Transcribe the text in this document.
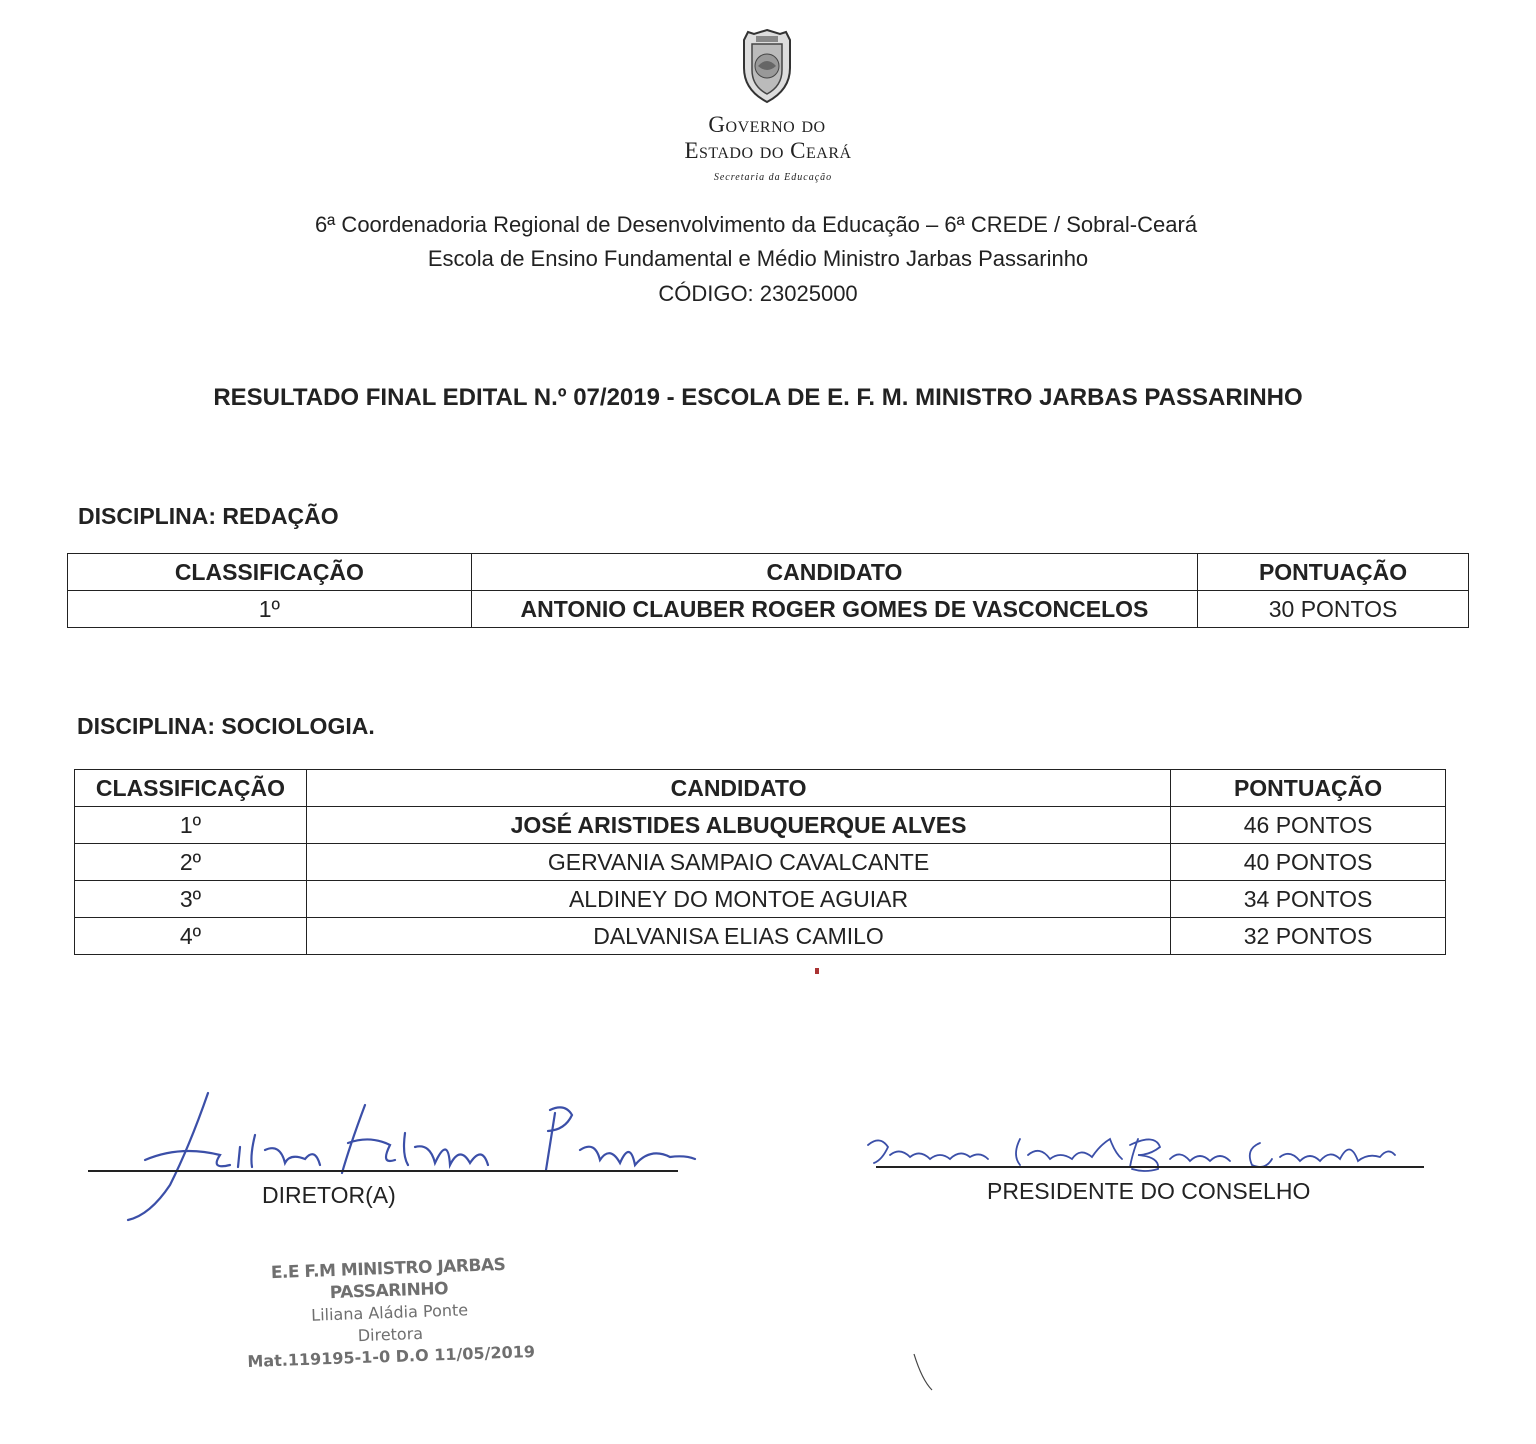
Governo do
Estado do Ceará
Secretaria da Educação
6ª Coordenadoria Regional de Desenvolvimento da Educação – 6ª CREDE / Sobral-Ceará
Escola de Ensino Fundamental e Médio Ministro Jarbas Passarinho
CÓDIGO: 23025000
RESULTADO FINAL EDITAL N.º 07/2019 - ESCOLA DE E. F. M. MINISTRO JARBAS PASSARINHO
DISCIPLINA: REDAÇÃO
CLASSIFICAÇÃO	CANDIDATO	PONTUAÇÃO
1º	ANTONIO CLAUBER ROGER GOMES DE VASCONCELOS	30 PONTOS
DISCIPLINA: SOCIOLOGIA.
CLASSIFICAÇÃO	CANDIDATO	PONTUAÇÃO
1º	JOSÉ ARISTIDES ALBUQUERQUE ALVES	46 PONTOS
2º	GERVANIA SAMPAIO CAVALCANTE	40 PONTOS
3º	ALDINEY DO MONTOE AGUIAR	34 PONTOS
4º	DALVANISA ELIAS CAMILO	32 PONTOS
DIRETOR(A)	PRESIDENTE DO CONSELHO
E.E F.M MINISTRO JARBAS PASSARINHO
Liliana Aládia Ponte
Diretora
Mat.119195-1-0 D.O 11/05/2019
